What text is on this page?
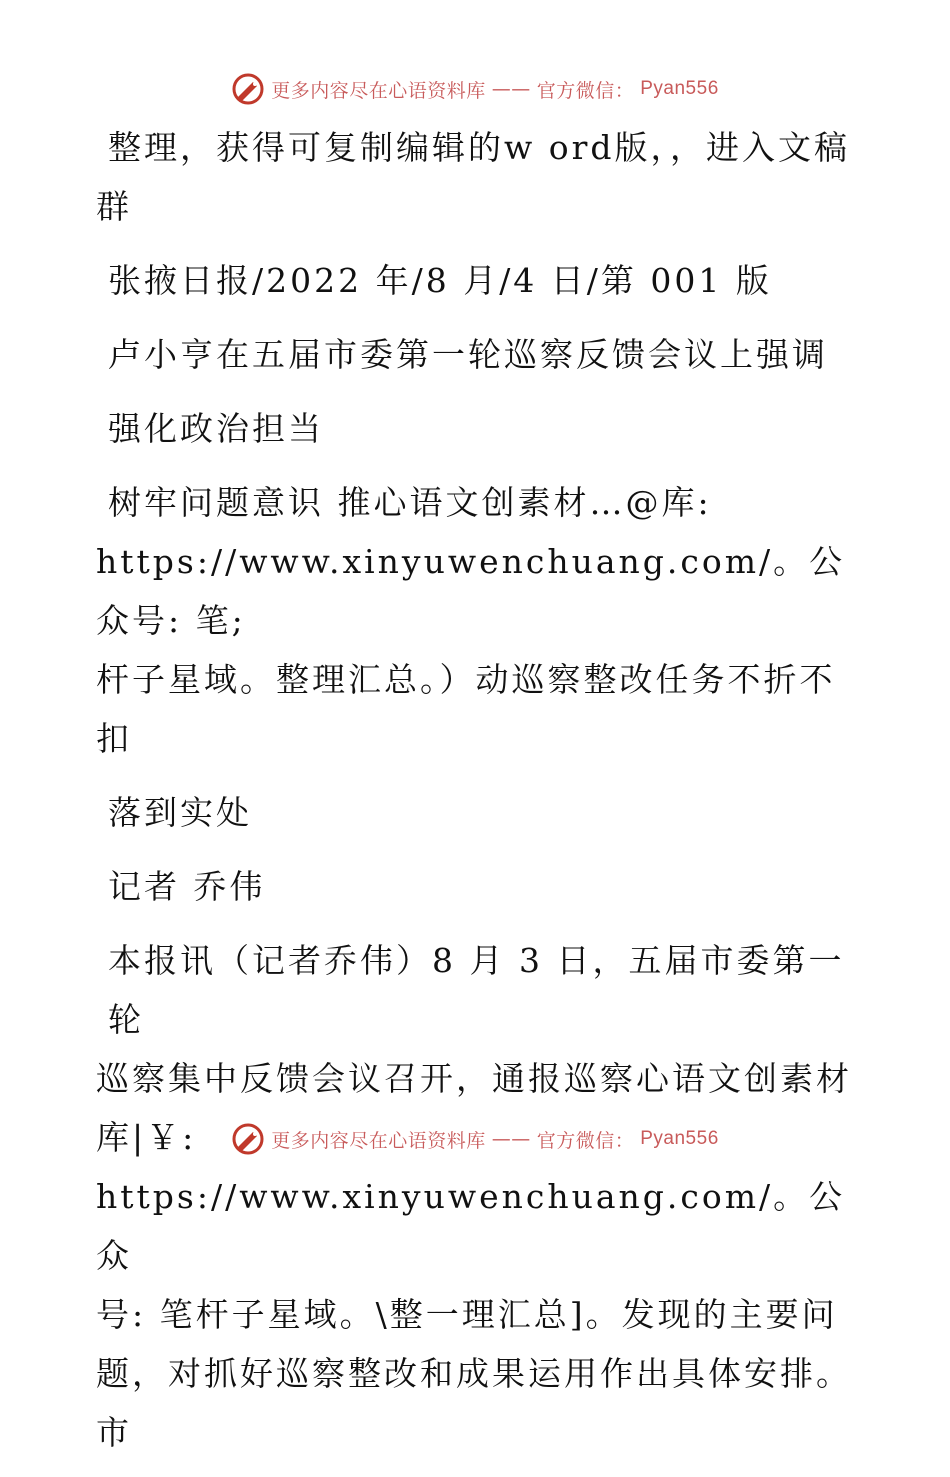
更多内容尽在心语资料库 —— 官方微信： Pyan556
整理，获得可复制编辑的w ord版，，进入文稿
群
张掖日报/2022 年/8 月/4 日/第 001 版
卢小亨在五届市委第一轮巡察反馈会议上强调
强化政治担当
树牢问题意识 推心语文创素材…@库:
https://www.xinyuwenchuang.com/。公众号: 笔;
杆子星域。整理汇总。）动巡察整改任务不折不扣
落到实处
记者 乔伟
本报讯（记者乔伟）8 月 3 日，五届市委第一轮
巡察集中反馈会议召开，通报巡察心语文创素材
库|￥: https://www.xinyuwenchuang.com/。公众
号: 笔杆子星域。\整一理汇总]。发现的主要问
题，对抓好巡察整改和成果运用作出具体安排。市
更多内容尽在心语资料库 —— 官方微信： Pyan556
